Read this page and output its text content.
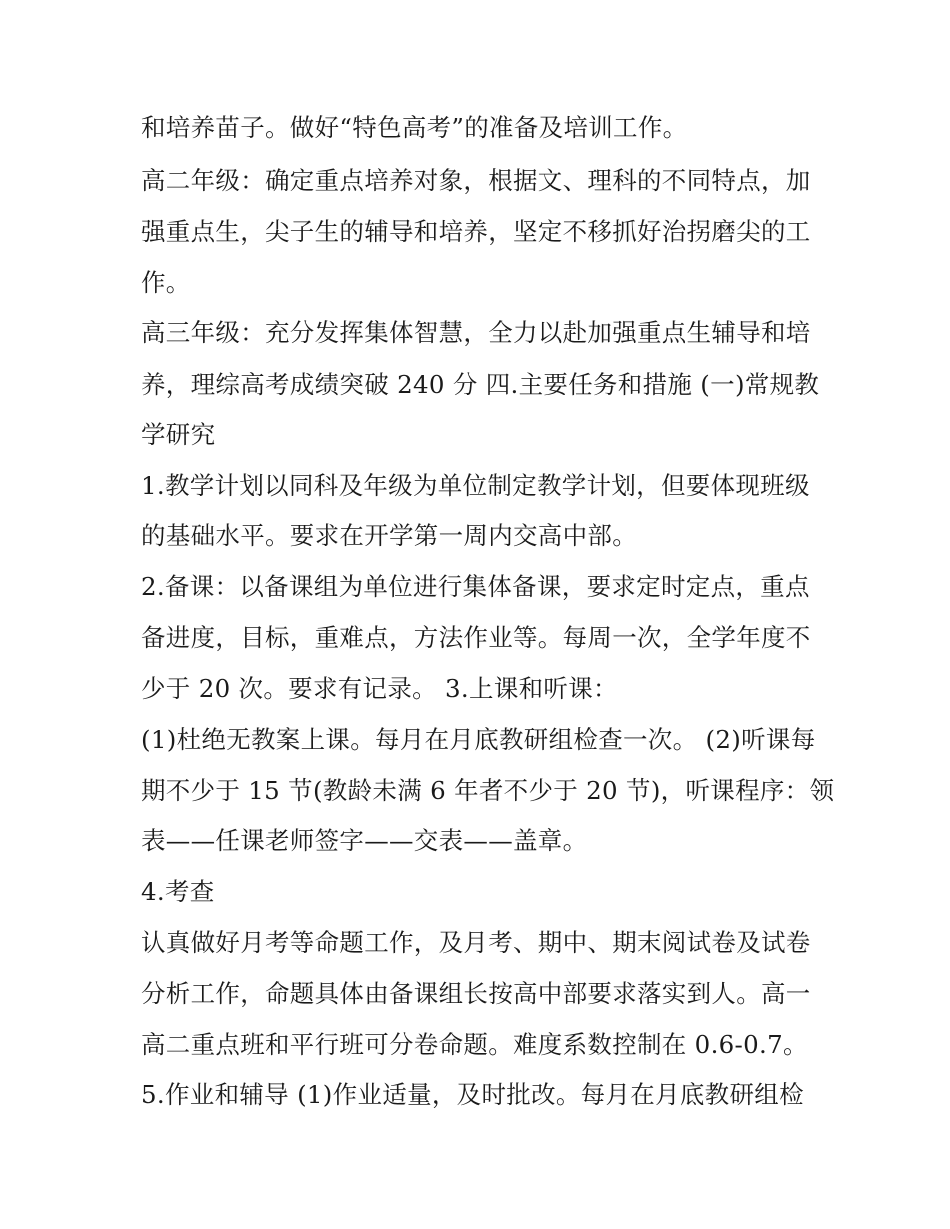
和培养苗子。做好“特色高考”的准备及培训工作。
高二年级：确定重点培养对象，根据文、理科的不同特点，加
强重点生，尖子生的辅导和培养，坚定不移抓好治拐磨尖的工
作。
高三年级：充分发挥集体智慧，全力以赴加强重点生辅导和培
养，理综高考成绩突破 240 分 四.主要任务和措施 (一)常规教
学研究
1.教学计划以同科及年级为单位制定教学计划，但要体现班级
的基础水平。要求在开学第一周内交高中部。
2.备课：以备课组为单位进行集体备课，要求定时定点，重点
备进度，目标，重难点，方法作业等。每周一次，全学年度不
少于 20 次。要求有记录。 3.上课和听课：
(1)杜绝无教案上课。每月在月底教研组检查一次。 (2)听课每
期不少于 15 节(教龄未满 6 年者不少于 20 节)，听课程序：领
表——任课老师签字——交表——盖章。
4.考查
认真做好月考等命题工作，及月考、期中、期末阅试卷及试卷
分析工作，命题具体由备课组长按高中部要求落实到人。高一
高二重点班和平行班可分卷命题。难度系数控制在 0.6-0.7。
5.作业和辅导 (1)作业适量，及时批改。每月在月底教研组检
